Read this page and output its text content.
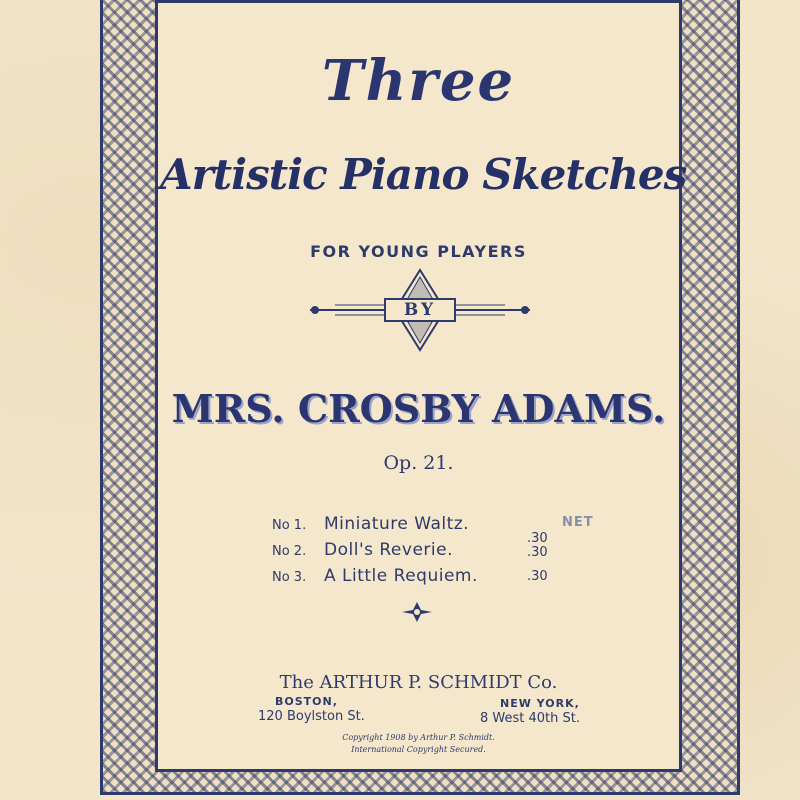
Three
Artistic Piano Sketches
FOR YOUNG PLAYERS
BY
MRS. CROSBY ADAMS.
Op. 21.
No 1. Miniature Waltz.
No 2. Doll's Reverie.
No 3. A Little Requiem.
.30
.30
.30
NET
The ARTHUR P. SCHMIDT Co.
BOSTON,
120 Boylston St.
NEW YORK,
8 West 40th St.
Copyright 1908 by Arthur P. Schmidt.
International Copyright Secured.
